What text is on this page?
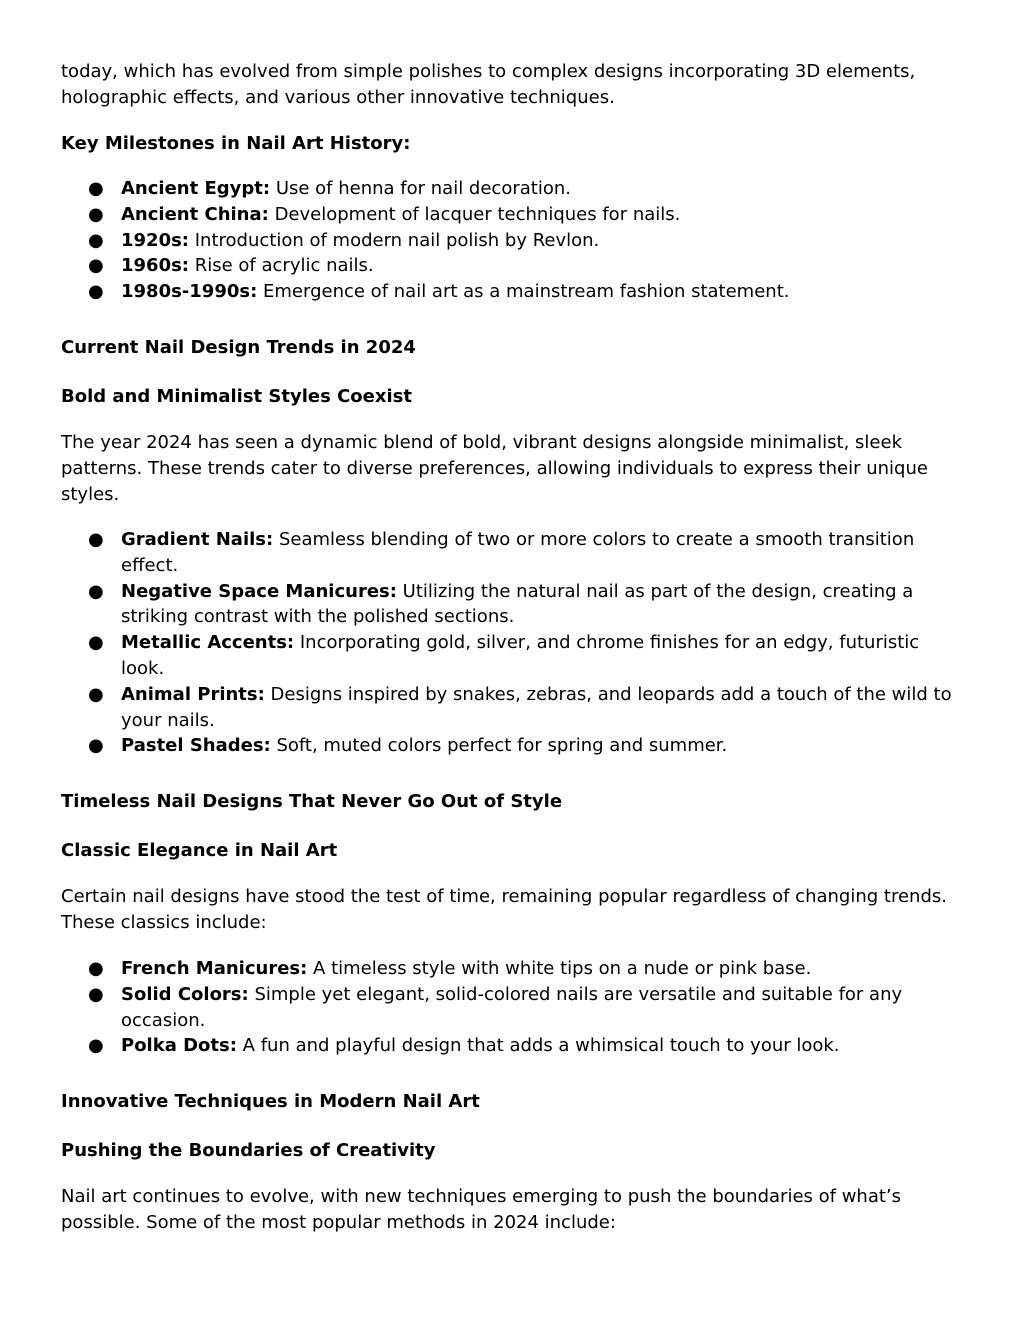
today, which has evolved from simple polishes to complex designs incorporating 3D elements, holographic effects, and various other innovative techniques.
Key Milestones in Nail Art History:
● Ancient Egypt: Use of henna for nail decoration.
● Ancient China: Development of lacquer techniques for nails.
● 1920s: Introduction of modern nail polish by Revlon.
● 1960s: Rise of acrylic nails.
● 1980s-1990s: Emergence of nail art as a mainstream fashion statement.
Current Nail Design Trends in 2024
Bold and Minimalist Styles Coexist
The year 2024 has seen a dynamic blend of bold, vibrant designs alongside minimalist, sleek patterns. These trends cater to diverse preferences, allowing individuals to express their unique styles.
● Gradient Nails: Seamless blending of two or more colors to create a smooth transition effect.
● Negative Space Manicures: Utilizing the natural nail as part of the design, creating a striking contrast with the polished sections.
● Metallic Accents: Incorporating gold, silver, and chrome finishes for an edgy, futuristic look.
● Animal Prints: Designs inspired by snakes, zebras, and leopards add a touch of the wild to your nails.
● Pastel Shades: Soft, muted colors perfect for spring and summer.
Timeless Nail Designs That Never Go Out of Style
Classic Elegance in Nail Art
Certain nail designs have stood the test of time, remaining popular regardless of changing trends. These classics include:
● French Manicures: A timeless style with white tips on a nude or pink base.
● Solid Colors: Simple yet elegant, solid-colored nails are versatile and suitable for any occasion.
● Polka Dots: A fun and playful design that adds a whimsical touch to your look.
Innovative Techniques in Modern Nail Art
Pushing the Boundaries of Creativity
Nail art continues to evolve, with new techniques emerging to push the boundaries of what’s possible. Some of the most popular methods in 2024 include:
